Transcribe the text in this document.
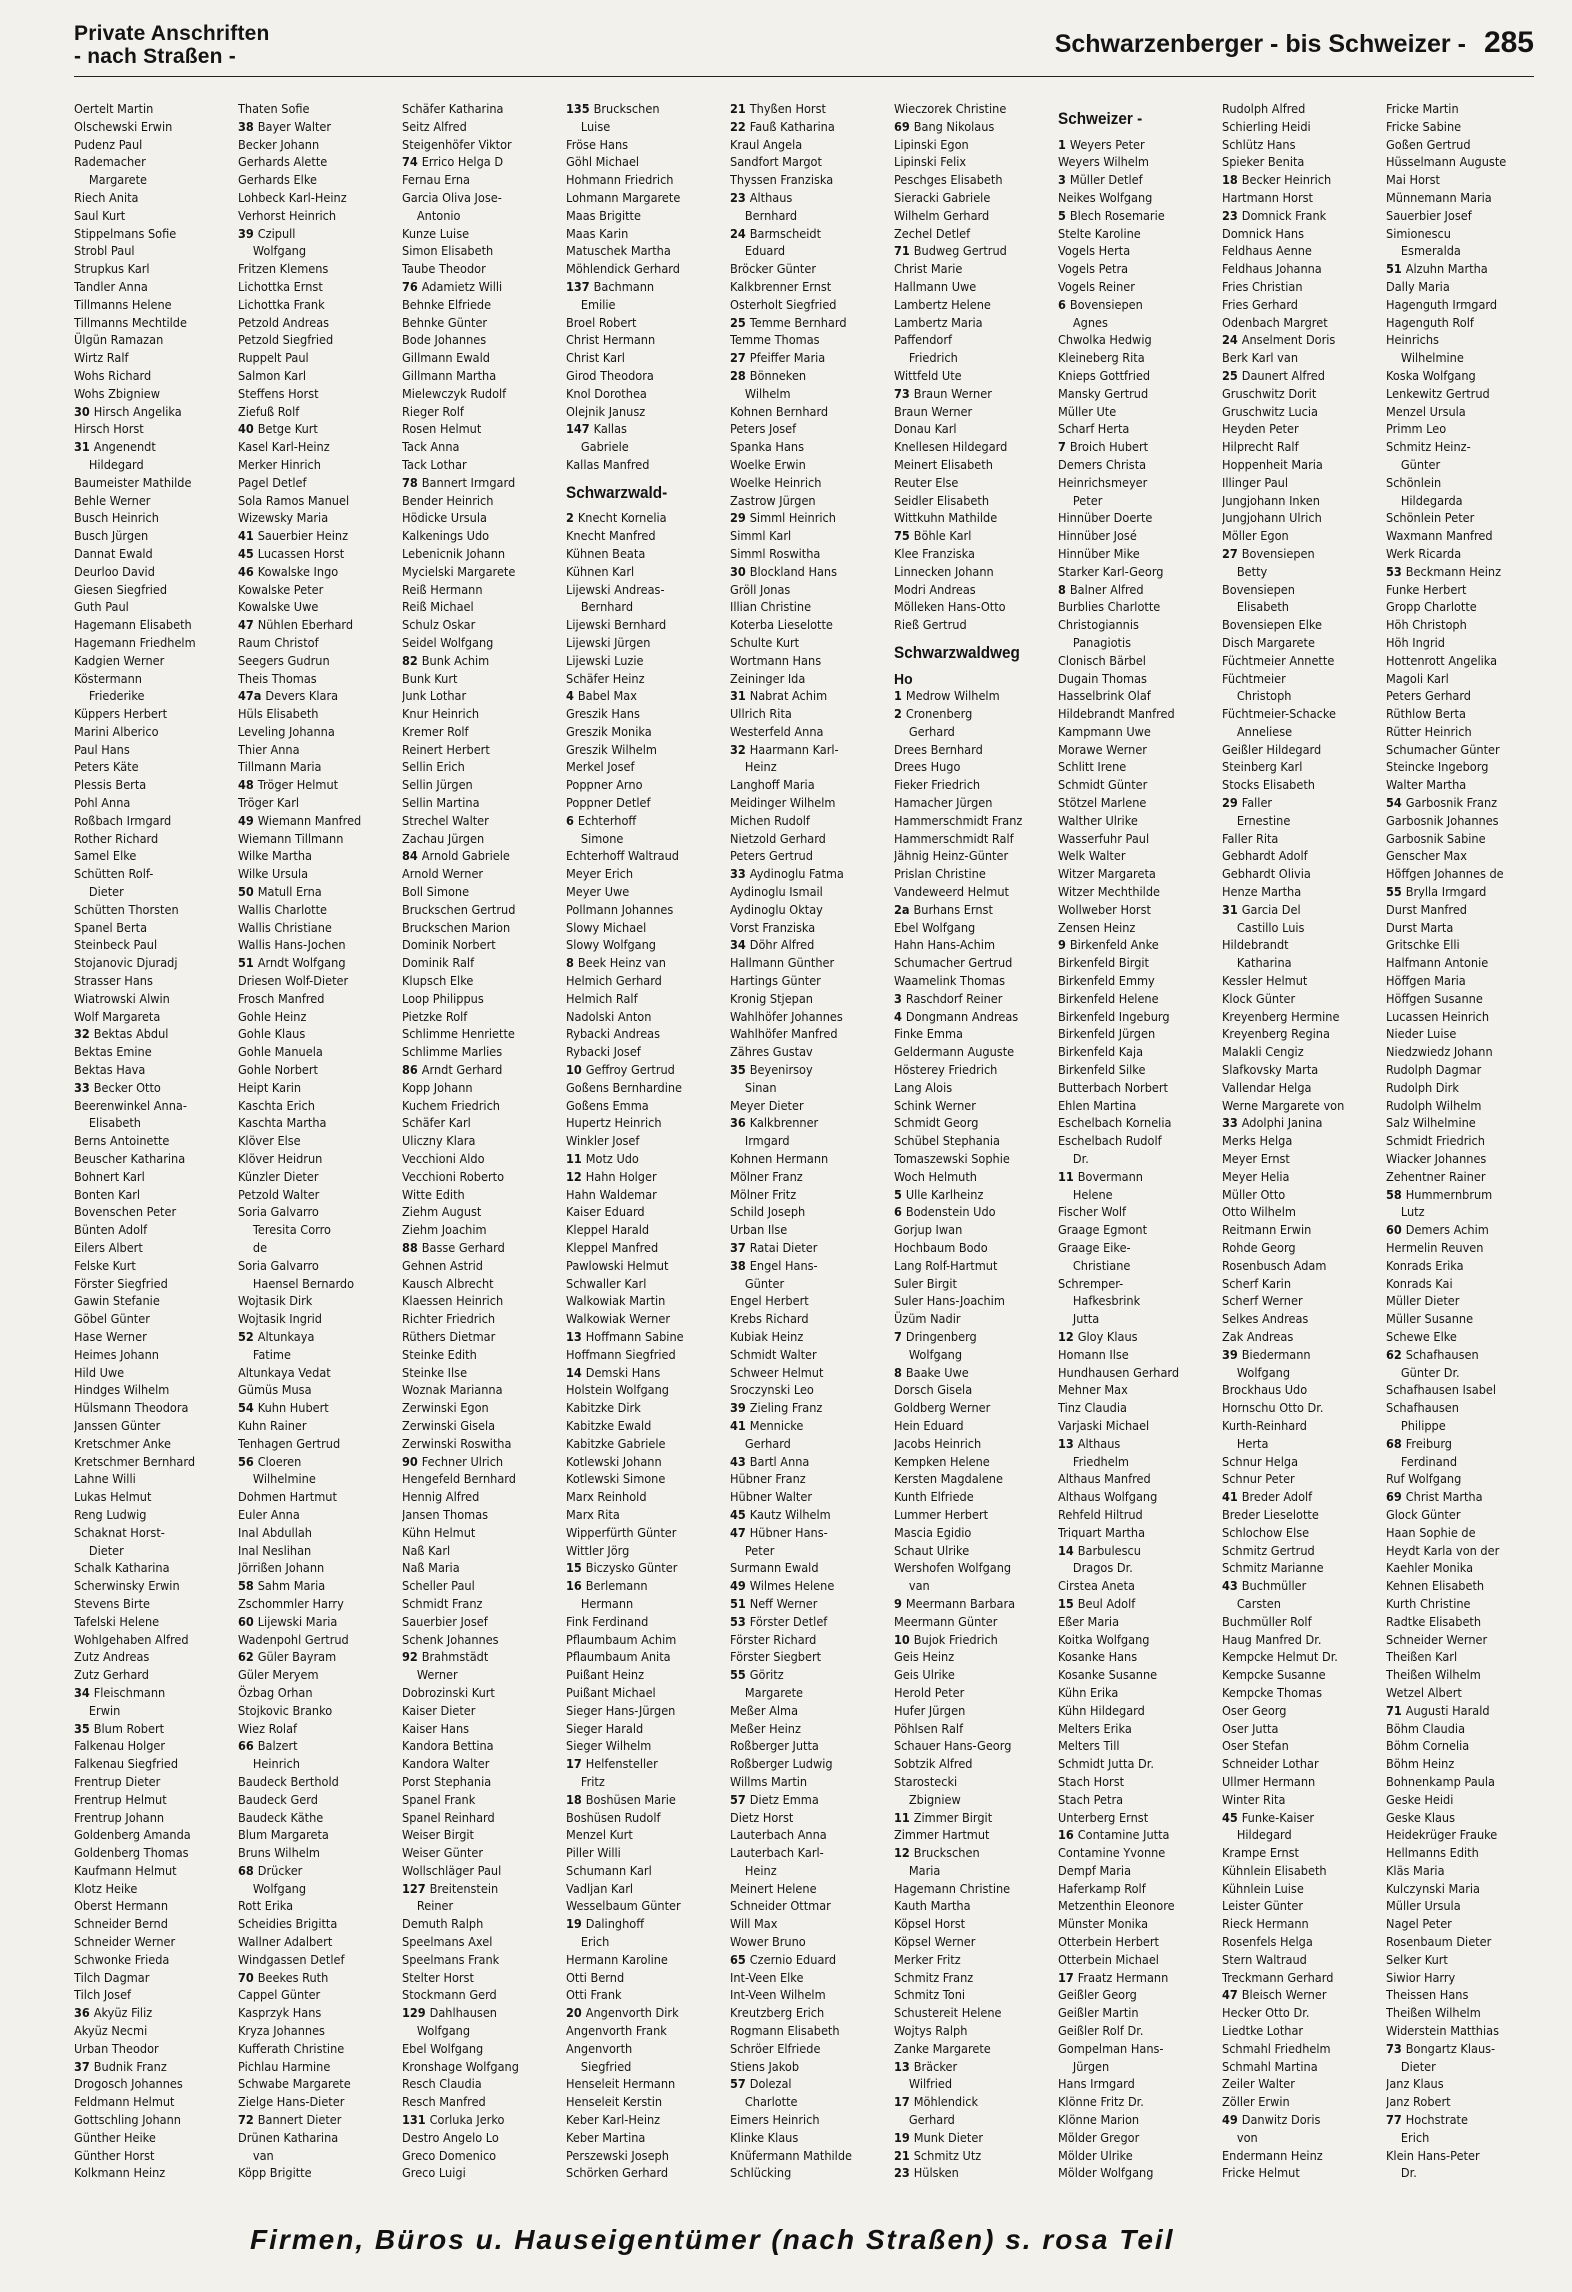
Private Anschriften
- nach Straßen -	Schwarzenberger - bis Schweizer - 285
Oertelt Martin
Olschewski Erwin
Pudenz Paul
Rademacher
Margarete
Riech Anita
Saul Kurt
Stippelmans Sofie
Strobl Paul
Strupkus Karl
Tandler Anna
Tillmanns Helene
Tillmanns Mechtilde
Ülgün Ramazan
Wirtz Ralf
Wohs Richard
Wohs Zbigniew
30 Hirsch Angelika
Hirsch Horst
31 Angenendt
Hildegard
Baumeister Mathilde
Behle Werner
Busch Heinrich
Busch Jürgen
Dannat Ewald
Deurloo David
Giesen Siegfried
Guth Paul
Hagemann Elisabeth
Hagemann Friedhelm
Kadgien Werner
Köstermann
Friederike
Küppers Herbert
Marini Alberico
Paul Hans
Peters Käte
Plessis Berta
Pohl Anna
Roßbach Irmgard
Rother Richard
Samel Elke
Schütten Rolf-
Dieter
Schütten Thorsten
Spanel Berta
Steinbeck Paul
Stojanovic Djuradj
Strasser Hans
Wiatrowski Alwin
Wolf Margareta
32 Bektas Abdul
Bektas Emine
Bektas Hava
33 Becker Otto
Beerenwinkel Anna-
Elisabeth
Berns Antoinette
Beuscher Katharina
Bohnert Karl
Bonten Karl
Bovenschen Peter
Bünten Adolf
Eilers Albert
Felske Kurt
Förster Siegfried
Gawin Stefanie
Göbel Günter
Hase Werner
Heimes Johann
Hild Uwe
Hindges Wilhelm
Hülsmann Theodora
Janssen Günter
Kretschmer Anke
Kretschmer Bernhard
Lahne Willi
Lukas Helmut
Reng Ludwig
Schaknat Horst-
Dieter
Schalk Katharina
Scherwinsky Erwin
Stevens Birte
Tafelski Helene
Wohlgehaben Alfred
Zutz Andreas
Zutz Gerhard
34 Fleischmann
Erwin
35 Blum Robert
Falkenau Holger
Falkenau Siegfried
Frentrup Dieter
Frentrup Helmut
Frentrup Johann
Goldenberg Amanda
Goldenberg Thomas
Kaufmann Helmut
Klotz Heike
Oberst Hermann
Schneider Bernd
Schneider Werner
Schwonke Frieda
Tilch Dagmar
Tilch Josef
36 Akyüz Filiz
Akyüz Necmi
Urban Theodor
37 Budnik Franz
Drogosch Johannes
Feldmann Helmut
Gottschling Johann
Günther Heike
Günther Horst
Kolkmann Heinz
Thaten Sofie
38 Bayer Walter
Becker Johann
Gerhards Alette
Gerhards Elke
Lohbeck Karl-Heinz
Verhorst Heinrich
39 Czipull
Wolfgang
Fritzen Klemens
Lichottka Ernst
Lichottka Frank
Petzold Andreas
Petzold Siegfried
Ruppelt Paul
Salmon Karl
Steffens Horst
Ziefuß Rolf
40 Betge Kurt
Kasel Karl-Heinz
Merker Hinrich
Pagel Detlef
Sola Ramos Manuel
Wizewsky Maria
41 Sauerbier Heinz
45 Lucassen Horst
46 Kowalske Ingo
Kowalske Peter
Kowalske Uwe
47 Nühlen Eberhard
Raum Christof
Seegers Gudrun
Theis Thomas
47a Devers Klara
Hüls Elisabeth
Leveling Johanna
Thier Anna
Tillmann Maria
48 Tröger Helmut
Tröger Karl
49 Wiemann Manfred
Wiemann Tillmann
Wilke Martha
Wilke Ursula
50 Matull Erna
Wallis Charlotte
Wallis Christiane
Wallis Hans-Jochen
51 Arndt Wolfgang
Driesen Wolf-Dieter
Frosch Manfred
Gohle Heinz
Gohle Klaus
Gohle Manuela
Gohle Norbert
Heipt Karin
Kaschta Erich
Kaschta Martha
Klöver Else
Klöver Heidrun
Künzler Dieter
Petzold Walter
Soria Galvarro
Teresita Corro
de
Soria Galvarro
Haensel Bernardo
Wojtasik Dirk
Wojtasik Ingrid
52 Altunkaya
Fatime
Altunkaya Vedat
Gümüs Musa
54 Kuhn Hubert
Kuhn Rainer
Tenhagen Gertrud
56 Cloeren
Wilhelmine
Dohmen Hartmut
Euler Anna
Inal Abdullah
Inal Neslihan
Jörrißen Johann
58 Sahm Maria
Zschommler Harry
60 Lijewski Maria
Wadenpohl Gertrud
62 Güler Bayram
Güler Meryem
Özbag Orhan
Stojkovic Branko
Wiez Rolaf
66 Balzert
Heinrich
Baudeck Berthold
Baudeck Gerd
Baudeck Käthe
Blum Margareta
Bruns Wilhelm
68 Drücker
Wolfgang
Rott Erika
Scheidies Brigitta
Wallner Adalbert
Windgassen Detlef
70 Beekes Ruth
Cappel Günter
Kasprzyk Hans
Kryza Johannes
Kufferath Christine
Pichlau Harmine
Schwabe Margarete
Zielge Hans-Dieter
72 Bannert Dieter
Drünen Katharina
van
Köpp Brigitte
Schäfer Katharina
Seitz Alfred
Steigenhöfer Viktor
74 Errico Helga D
Fernau Erna
Garcia Oliva Jose-
Antonio
Kunze Luise
Simon Elisabeth
Taube Theodor
76 Adamietz Willi
Behnke Elfriede
Behnke Günter
Bode Johannes
Gillmann Ewald
Gillmann Martha
Mielewczyk Rudolf
Rieger Rolf
Rosen Helmut
Tack Anna
Tack Lothar
78 Bannert Irmgard
Bender Heinrich
Hödicke Ursula
Kalkenings Udo
Lebenicnik Johann
Mycielski Margarete
Reiß Hermann
Reiß Michael
Schulz Oskar
Seidel Wolfgang
82 Bunk Achim
Bunk Kurt
Junk Lothar
Knur Heinrich
Kremer Rolf
Reinert Herbert
Sellin Erich
Sellin Jürgen
Sellin Martina
Strechel Walter
Zachau Jürgen
84 Arnold Gabriele
Arnold Werner
Boll Simone
Bruckschen Gertrud
Bruckschen Marion
Dominik Norbert
Dominik Ralf
Klupsch Elke
Loop Philippus
Pietzke Rolf
Schlimme Henriette
Schlimme Marlies
86 Arndt Gerhard
Kopp Johann
Kuchem Friedrich
Schäfer Karl
Uliczny Klara
Vecchioni Aldo
Vecchioni Roberto
Witte Edith
Ziehm August
Ziehm Joachim
88 Basse Gerhard
Gehnen Astrid
Kausch Albrecht
Klaessen Heinrich
Richter Friedrich
Rüthers Dietmar
Steinke Edith
Steinke Ilse
Woznak Marianna
Zerwinski Egon
Zerwinski Gisela
Zerwinski Roswitha
90 Fechner Ulrich
Hengefeld Bernhard
Hennig Alfred
Jansen Thomas
Kühn Helmut
Naß Karl
Naß Maria
Scheller Paul
Schmidt Franz
Sauerbier Josef
Schenk Johannes
92 Brahmstädt
Werner
Dobrozinski Kurt
Kaiser Dieter
Kaiser Hans
Kandora Bettina
Kandora Walter
Porst Stephania
Spanel Frank
Spanel Reinhard
Weiser Birgit
Weiser Günter
Wollschläger Paul
127 Breitenstein
Reiner
Demuth Ralph
Speelmans Axel
Speelmans Frank
Stelter Horst
Stockmann Gerd
129 Dahlhausen
Wolfgang
Ebel Wolfgang
Kronshage Wolfgang
Resch Claudia
Resch Manfred
131 Corluka Jerko
Destro Angelo Lo
Greco Domenico
Greco Luigi
135 Bruckschen
Luise
Fröse Hans
Göhl Michael
Hohmann Friedrich
Lohmann Margarete
Maas Brigitte
Maas Karin
Matuschek Martha
Möhlendick Gerhard
137 Bachmann
Emilie
Broel Robert
Christ Hermann
Christ Karl
Girod Theodora
Knol Dorothea
Olejnik Janusz
147 Kallas
Gabriele
Kallas Manfred
Schwarzwald-
2 Knecht Kornelia
Knecht Manfred
Kühnen Beata
Kühnen Karl
Lijewski Andreas-
Bernhard
Lijewski Bernhard
Lijewski Jürgen
Lijewski Luzie
Schäfer Heinz
4 Babel Max
Greszik Hans
Greszik Monika
Greszik Wilhelm
Merkel Josef
Poppner Arno
Poppner Detlef
6 Echterhoff
Simone
Echterhoff Waltraud
Meyer Erich
Meyer Uwe
Pollmann Johannes
Slowy Michael
Slowy Wolfgang
8 Beek Heinz van
Helmich Gerhard
Helmich Ralf
Nadolski Anton
Rybacki Andreas
Rybacki Josef
10 Geffroy Gertrud
Goßens Bernhardine
Goßens Emma
Hupertz Heinrich
Winkler Josef
11 Motz Udo
12 Hahn Holger
Hahn Waldemar
Kaiser Eduard
Kleppel Harald
Kleppel Manfred
Pawlowski Helmut
Schwaller Karl
Walkowiak Martin
Walkowiak Werner
13 Hoffmann Sabine
Hoffmann Siegfried
14 Demski Hans
Holstein Wolfgang
Kabitzke Dirk
Kabitzke Ewald
Kabitzke Gabriele
Kotlewski Johann
Kotlewski Simone
Marx Reinhold
Marx Rita
Wipperfürth Günter
Wittler Jörg
15 Biczysko Günter
16 Berlemann
Hermann
Fink Ferdinand
Pflaumbaum Achim
Pflaumbaum Anita
Puißant Heinz
Puißant Michael
Sieger Hans-Jürgen
Sieger Harald
Sieger Wilhelm
17 Helfensteller
Fritz
18 Boshüsen Marie
Boshüsen Rudolf
Menzel Kurt
Piller Willi
Schumann Karl
Vadljan Karl
Wesselbaum Günter
19 Dalinghoff
Erich
Hermann Karoline
Otti Bernd
Otti Frank
20 Angenvorth Dirk
Angenvorth Frank
Angenvorth
Siegfried
Henseleit Hermann
Henseleit Kerstin
Keber Karl-Heinz
Keber Martina
Perszewski Joseph
Schörken Gerhard
21 Thyßen Horst
22 Fauß Katharina
Kraul Angela
Sandfort Margot
Thyssen Franziska
23 Althaus
Bernhard
24 Barmscheidt
Eduard
Bröcker Günter
Kalkbrenner Ernst
Osterholt Siegfried
25 Temme Bernhard
Temme Thomas
27 Pfeiffer Maria
28 Bönneken
Wilhelm
Kohnen Bernhard
Peters Josef
Spanka Hans
Woelke Erwin
Woelke Heinrich
Zastrow Jürgen
29 Simml Heinrich
Simml Karl
Simml Roswitha
30 Blockland Hans
Gröll Jonas
Illian Christine
Koterba Lieselotte
Schulte Kurt
Wortmann Hans
Zeininger Ida
31 Nabrat Achim
Ullrich Rita
Westerfeld Anna
32 Haarmann Karl-
Heinz
Langhoff Maria
Meidinger Wilhelm
Michen Rudolf
Nietzold Gerhard
Peters Gertrud
33 Aydinoglu Fatma
Aydinoglu Ismail
Aydinoglu Oktay
Vorst Franziska
34 Döhr Alfred
Hallmann Günther
Hartings Günter
Kronig Stjepan
Wahlhöfer Johannes
Wahlhöfer Manfred
Zähres Gustav
35 Beyenirsoy
Sinan
Meyer Dieter
36 Kalkbrenner
Irmgard
Kohnen Hermann
Mölner Franz
Mölner Fritz
Schild Joseph
Urban Ilse
37 Ratai Dieter
38 Engel Hans-
Günter
Engel Herbert
Krebs Richard
Kubiak Heinz
Schmidt Walter
Schweer Helmut
Sroczynski Leo
39 Zieling Franz
41 Mennicke
Gerhard
43 Bartl Anna
Hübner Franz
Hübner Walter
45 Kautz Wilhelm
47 Hübner Hans-
Peter
Surmann Ewald
49 Wilmes Helene
51 Neff Werner
53 Förster Detlef
Förster Richard
Förster Siegbert
55 Göritz
Margarete
Meßer Alma
Meßer Heinz
Roßberger Jutta
Roßberger Ludwig
Willms Martin
57 Dietz Emma
Dietz Horst
Lauterbach Anna
Lauterbach Karl-
Heinz
Meinert Helene
Schneider Ottmar
Will Max
Wower Bruno
65 Czernio Eduard
Int-Veen Elke
Int-Veen Wilhelm
Kreutzberg Erich
Rogmann Elisabeth
Schröer Elfriede
Stiens Jakob
57 Dolezal
Charlotte
Eimers Heinrich
Klinke Klaus
Knüfermann Mathilde
Schlücking
Wieczorek Christine
69 Bang Nikolaus
Lipinski Egon
Lipinski Felix
Peschges Elisabeth
Sieracki Gabriele
Wilhelm Gerhard
Zechel Detlef
71 Budweg Gertrud
Christ Marie
Hallmann Uwe
Lambertz Helene
Lambertz Maria
Paffendorf
Friedrich
Wittfeld Ute
73 Braun Werner
Braun Werner
Donau Karl
Knellesen Hildegard
Meinert Elisabeth
Reuter Else
Seidler Elisabeth
Wittkuhn Mathilde
75 Böhle Karl
Klee Franziska
Linnecken Johann
Modri Andreas
Mölleken Hans-Otto
Rieß Gertrud
Schwarzwaldweg
Ho
1 Medrow Wilhelm
2 Cronenberg
Gerhard
Drees Bernhard
Drees Hugo
Fieker Friedrich
Hamacher Jürgen
Hammerschmidt Franz
Hammerschmidt Ralf
Jähnig Heinz-Günter
Prislan Christine
Vandeweerd Helmut
2a Burhans Ernst
Ebel Wolfgang
Hahn Hans-Achim
Schumacher Gertrud
Waamelink Thomas
3 Raschdorf Reiner
4 Dongmann Andreas
Finke Emma
Geldermann Auguste
Hösterey Friedrich
Lang Alois
Schink Werner
Schmidt Georg
Schübel Stephania
Tomaszewski Sophie
Woch Helmuth
5 Ulle Karlheinz
6 Bodenstein Udo
Gorjup Iwan
Hochbaum Bodo
Lang Rolf-Hartmut
Suler Birgit
Suler Hans-Joachim
Üzüm Nadir
7 Dringenberg
Wolfgang
8 Baake Uwe
Dorsch Gisela
Goldberg Werner
Hein Eduard
Jacobs Heinrich
Kempken Helene
Kersten Magdalene
Kunth Elfriede
Lummer Herbert
Mascia Egidio
Schaut Ulrike
Wershofen Wolfgang
van
9 Meermann Barbara
Meermann Günter
10 Bujok Friedrich
Geis Heinz
Geis Ulrike
Herold Peter
Hufer Jürgen
Pöhlsen Ralf
Schauer Hans-Georg
Sobtzik Alfred
Starostecki
Zbigniew
11 Zimmer Birgit
Zimmer Hartmut
12 Bruckschen
Maria
Hagemann Christine
Kauth Martha
Köpsel Horst
Köpsel Werner
Merker Fritz
Schmitz Franz
Schmitz Toni
Schustereit Helene
Wojtys Ralph
Zanke Margarete
13 Bräcker
Wilfried
17 Möhlendick
Gerhard
19 Munk Dieter
21 Schmitz Utz
23 Hülsken
Schweizer -
1 Weyers Peter
Weyers Wilhelm
3 Müller Detlef
Neikes Wolfgang
5 Blech Rosemarie
Stelte Karoline
Vogels Herta
Vogels Petra
Vogels Reiner
6 Bovensiepen
Agnes
Chwolka Hedwig
Kleineberg Rita
Knieps Gottfried
Mansky Gertrud
Müller Ute
Scharf Herta
7 Broich Hubert
Demers Christa
Heinrichsmeyer
Peter
Hinnüber Doerte
Hinnüber José
Hinnüber Mike
Starker Karl-Georg
8 Balner Alfred
Burblies Charlotte
Christogiannis
Panagiotis
Clonisch Bärbel
Dugain Thomas
Hasselbrink Olaf
Hildebrandt Manfred
Kampmann Uwe
Morawe Werner
Schlitt Irene
Schmidt Günter
Stötzel Marlene
Walther Ulrike
Wasserfuhr Paul
Welk Walter
Witzer Margareta
Witzer Mechthilde
Wollweber Horst
Zensen Heinz
9 Birkenfeld Anke
Birkenfeld Birgit
Birkenfeld Emmy
Birkenfeld Helene
Birkenfeld Ingeburg
Birkenfeld Jürgen
Birkenfeld Kaja
Birkenfeld Silke
Butterbach Norbert
Ehlen Martina
Eschelbach Kornelia
Eschelbach Rudolf
Dr.
11 Bovermann
Helene
Fischer Wolf
Graage Egmont
Graage Eike-
Christiane
Schremper-
Hafkesbrink
Jutta
12 Gloy Klaus
Homann Ilse
Hundhausen Gerhard
Mehner Max
Tinz Claudia
Varjaski Michael
13 Althaus
Friedhelm
Althaus Manfred
Althaus Wolfgang
Rehfeld Hiltrud
Triquart Martha
14 Barbulescu
Dragos Dr.
Cirstea Aneta
15 Beul Adolf
Eßer Maria
Koitka Wolfgang
Kosanke Hans
Kosanke Susanne
Kühn Erika
Kühn Hildegard
Melters Erika
Melters Till
Schmidt Jutta Dr.
Stach Horst
Stach Petra
Unterberg Ernst
16 Contamine Jutta
Contamine Yvonne
Dempf Maria
Haferkamp Rolf
Metzenthin Eleonore
Münster Monika
Otterbein Herbert
Otterbein Michael
17 Fraatz Hermann
Geißler Georg
Geißler Martin
Geißler Rolf Dr.
Gompelman Hans-
Jürgen
Hans Irmgard
Klönne Fritz Dr.
Klönne Marion
Mölder Gregor
Mölder Ulrike
Mölder Wolfgang
Rudolph Alfred
Schierling Heidi
Schlütz Hans
Spieker Benita
18 Becker Heinrich
Hartmann Horst
23 Domnick Frank
Domnick Hans
Feldhaus Aenne
Feldhaus Johanna
Fries Christian
Fries Gerhard
Odenbach Margret
24 Anselment Doris
Berk Karl van
25 Daunert Alfred
Gruschwitz Dorit
Gruschwitz Lucia
Heyden Peter
Hilprecht Ralf
Hoppenheit Maria
Illinger Paul
Jungjohann Inken
Jungjohann Ulrich
Möller Egon
27 Bovensiepen
Betty
Bovensiepen
Elisabeth
Bovensiepen Elke
Disch Margarete
Füchtmeier Annette
Füchtmeier
Christoph
Füchtmeier-Schacke
Anneliese
Geißler Hildegard
Steinberg Karl
Stocks Elisabeth
29 Faller
Ernestine
Faller Rita
Gebhardt Adolf
Gebhardt Olivia
Henze Martha
31 Garcia Del
Castillo Luis
Hildebrandt
Katharina
Kessler Helmut
Klock Günter
Kreyenberg Hermine
Kreyenberg Regina
Malakli Cengiz
Slafkovsky Marta
Vallendar Helga
Werne Margarete von
33 Adolphi Janina
Merks Helga
Meyer Ernst
Meyer Helia
Müller Otto
Otto Wilhelm
Reitmann Erwin
Rohde Georg
Rosenbusch Adam
Scherf Karin
Scherf Werner
Selkes Andreas
Zak Andreas
39 Biedermann
Wolfgang
Brockhaus Udo
Hornschu Otto Dr.
Kurth-Reinhard
Herta
Schnur Helga
Schnur Peter
41 Breder Adolf
Breder Lieselotte
Schlochow Else
Schmitz Gertrud
Schmitz Marianne
43 Buchmüller
Carsten
Buchmüller Rolf
Haug Manfred Dr.
Kempcke Helmut Dr.
Kempcke Susanne
Kempcke Thomas
Oser Georg
Oser Jutta
Oser Stefan
Schneider Lothar
Ullmer Hermann
Winter Rita
45 Funke-Kaiser
Hildegard
Krampe Ernst
Kühnlein Elisabeth
Kühnlein Luise
Leister Günter
Rieck Hermann
Rosenfels Helga
Stern Waltraud
Treckmann Gerhard
47 Bleisch Werner
Hecker Otto Dr.
Liedtke Lothar
Schmahl Friedhelm
Schmahl Martina
Zeiler Walter
Zöller Erwin
49 Danwitz Doris
von
Endermann Heinz
Fricke Helmut
Fricke Martin
Fricke Sabine
Goßen Gertrud
Hüsselmann Auguste
Mai Horst
Münnemann Maria
Sauerbier Josef
Simionescu
Esmeralda
51 Alzuhn Martha
Dally Maria
Hagenguth Irmgard
Hagenguth Rolf
Heinrichs
Wilhelmine
Koska Wolfgang
Lenkewitz Gertrud
Menzel Ursula
Primm Leo
Schmitz Heinz-
Günter
Schönlein
Hildegarda
Schönlein Peter
Waxmann Manfred
Werk Ricarda
53 Beckmann Heinz
Funke Herbert
Gropp Charlotte
Höh Christoph
Höh Ingrid
Hottenrott Angelika
Magoli Karl
Peters Gerhard
Rüthlow Berta
Rütter Heinrich
Schumacher Günter
Steincke Ingeborg
Walter Martha
54 Garbosnik Franz
Garbosnik Johannes
Garbosnik Sabine
Genscher Max
Höffgen Johannes de
55 Brylla Irmgard
Durst Manfred
Durst Marta
Gritschke Elli
Halfmann Antonie
Höffgen Maria
Höffgen Susanne
Lucassen Heinrich
Nieder Luise
Niedzwiedz Johann
Rudolph Dagmar
Rudolph Dirk
Rudolph Wilhelm
Salz Wilhelmine
Schmidt Friedrich
Wiacker Johannes
Zehentner Rainer
58 Hummernbrum
Lutz
60 Demers Achim
Hermelin Reuven
Konrads Erika
Konrads Kai
Müller Dieter
Müller Susanne
Schewe Elke
62 Schafhausen
Günter Dr.
Schafhausen Isabel
Schafhausen
Philippe
68 Freiburg
Ferdinand
Ruf Wolfgang
69 Christ Martha
Glock Günter
Haan Sophie de
Heydt Karla von der
Kaehler Monika
Kehnen Elisabeth
Kurth Christine
Radtke Elisabeth
Schneider Werner
Theißen Karl
Theißen Wilhelm
Wetzel Albert
71 Augusti Harald
Böhm Claudia
Böhm Cornelia
Böhm Heinz
Bohnenkamp Paula
Geske Heidi
Geske Klaus
Heidekrüger Frauke
Hellmanns Edith
Kläs Maria
Kulczynski Maria
Müller Ursula
Nagel Peter
Rosenbaum Dieter
Selker Kurt
Siwior Harry
Theissen Hans
Theißen Wilhelm
Widerstein Matthias
73 Bongartz Klaus-
Dieter
Janz Klaus
Janz Robert
77 Hochstrate
Erich
Klein Hans-Peter
Dr.
Firmen, Büros u. Hauseigentümer (nach Straßen) s. rosa Teil
